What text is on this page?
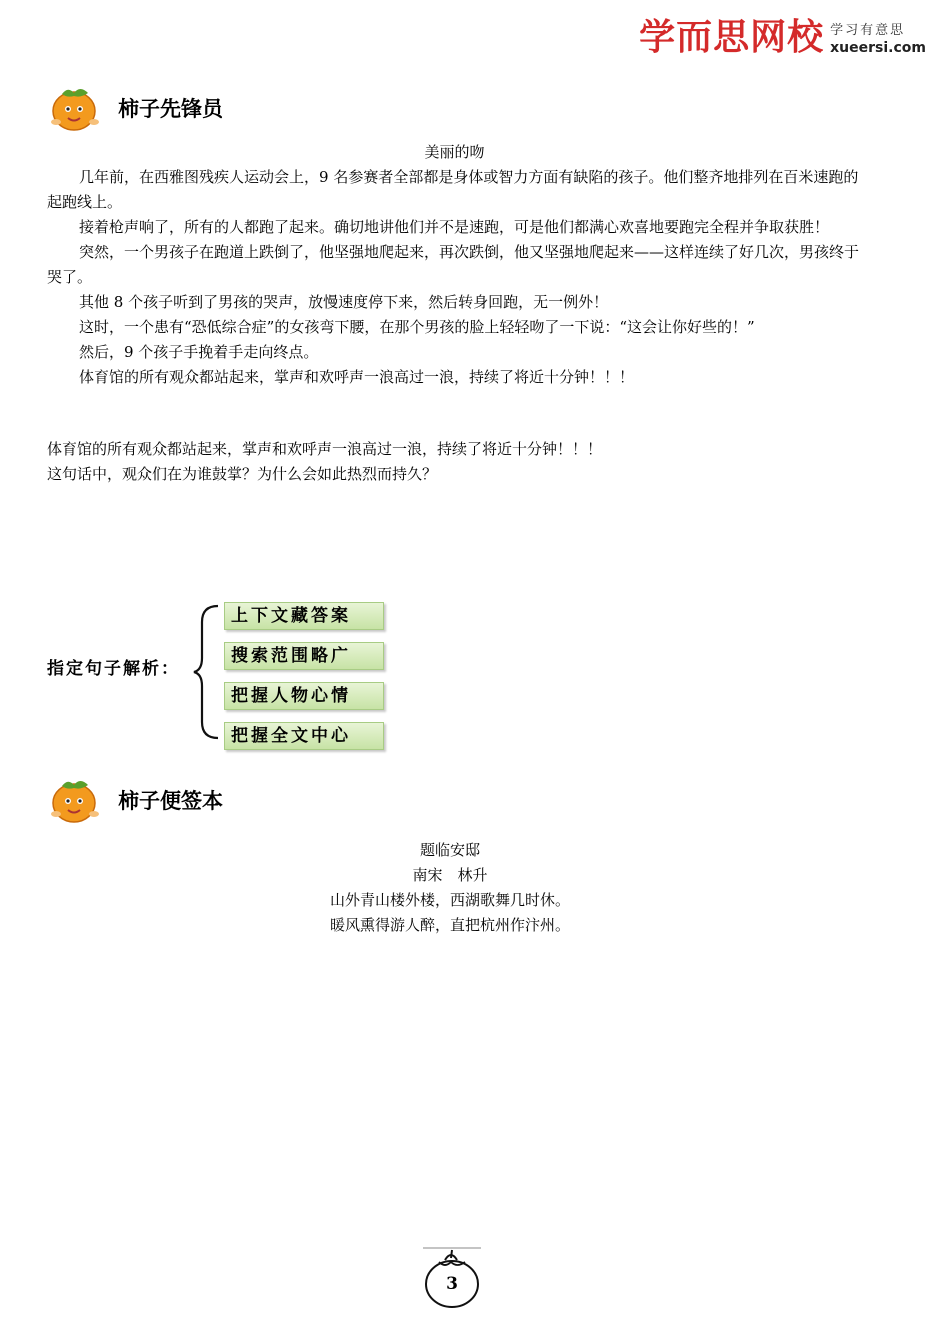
学而思网校 学习有意思
xueersi.com
柿子先锋员

美丽的吻

几年前，在西雅图残疾人运动会上，9 名参赛者全部都是身体或智力方面有缺陷的孩子。他们整齐地排列在百米速跑的起跑线上。

接着枪声响了，所有的人都跑了起来。确切地讲他们并不是速跑，可是他们都满心欢喜地要跑完全程并争取获胜！

突然，一个男孩子在跑道上跌倒了，他坚强地爬起来，再次跌倒，他又坚强地爬起来——这样连续了好几次，男孩终于哭了。

其他 8 个孩子听到了男孩的哭声，放慢速度停下来，然后转身回跑，无一例外！

这时，一个患有“恐低综合症”的女孩弯下腰，在那个男孩的脸上轻轻吻了一下说：“这会让你好些的！”

然后，9 个孩子手挽着手走向终点。

体育馆的所有观众都站起来，掌声和欢呼声一浪高过一浪，持续了将近十分钟！！！

体育馆的所有观众都站起来，掌声和欢呼声一浪高过一浪，持续了将近十分钟！！！

这句话中，观众们在为谁鼓掌？为什么会如此热烈而持久？

指定句子解析：
上下文藏答案
搜索范围略广
把握人物心情
把握全文中心
柿子便签本

题临安邸

南宋　林升

山外青山楼外楼，西湖歌舞几时休。

暖风熏得游人醉，直把杭州作汴州。

3
